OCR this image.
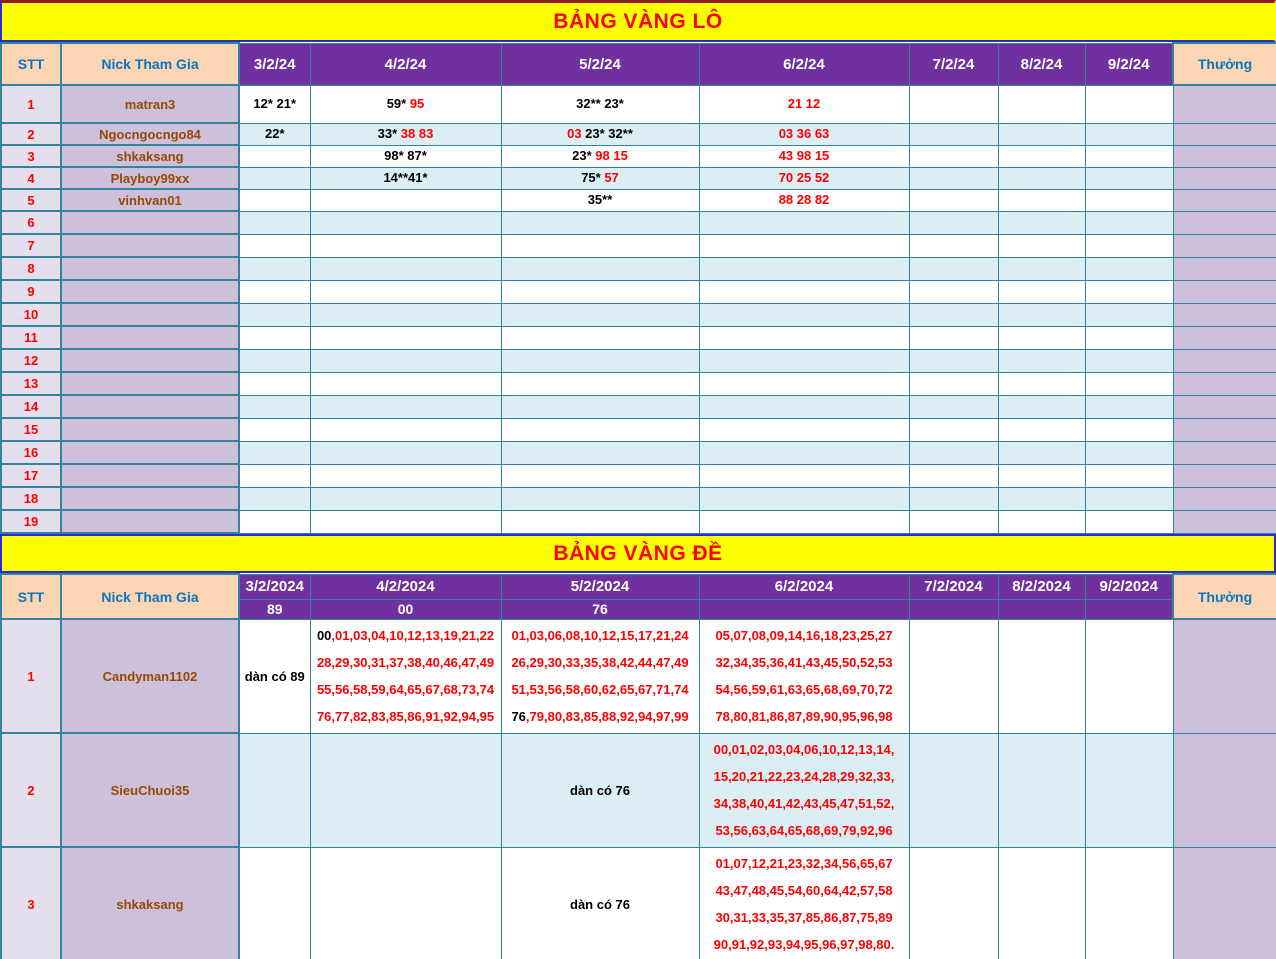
BẢNG VÀNG LÔ
STT	Nick Tham Gia	3/2/24	4/2/24	5/2/24	6/2/24	7/2/24	8/2/24	9/2/24	Thưởng
1	matran3	12* 21*	59* 95	32** 23*	21 12				

2	Ngocngocngo84	22*	33* 38 83	03 23* 32**	03 36 63				

3	shkaksang		98* 87*	23* 98 15	43 98 15				

4	Playboy99xx		14**41*	75* 57	70 25 52				

5	vinhvan01			35**	88 28 82				

6									
7									
8									
9									
10									
11									
12									
13									
14									
15									
16									
17									
18									
19									
BẢNG VÀNG ĐỀ
STT	Nick Tham Gia	3/2/2024	4/2/2024	5/2/2024	6/2/2024	7/2/2024	8/2/2024	9/2/2024	Thưởng
		89	00	76					
1	Candyman1102	dàn có 89	00,01,03,04,10,12,13,19,21,22
28,29,30,31,37,38,40,46,47,49
55,56,58,59,64,65,67,68,73,74
76,77,82,83,85,86,91,92,94,95	01,03,06,08,10,12,15,17,21,24
26,29,30,33,35,38,42,44,47,49
51,53,56,58,60,62,65,67,71,74
76,79,80,83,85,88,92,94,97,99	05,07,08,09,14,16,18,23,25,27
32,34,35,36,41,43,45,50,52,53
54,56,59,61,63,65,68,69,70,72
78,80,81,86,87,89,90,95,96,98				

2	SieuChuoi35			dàn có 76	00,01,02,03,04,06,10,12,13,14,
15,20,21,22,23,24,28,29,32,33,
34,38,40,41,42,43,45,47,51,52,
53,56,63,64,65,68,69,79,92,96				

3	shkaksang			dàn có 76	01,07,12,21,23,32,34,56,65,67
43,47,48,45,54,60,64,42,57,58
30,31,33,35,37,85,86,87,75,89
90,91,92,93,94,95,96,97,98,80.				
